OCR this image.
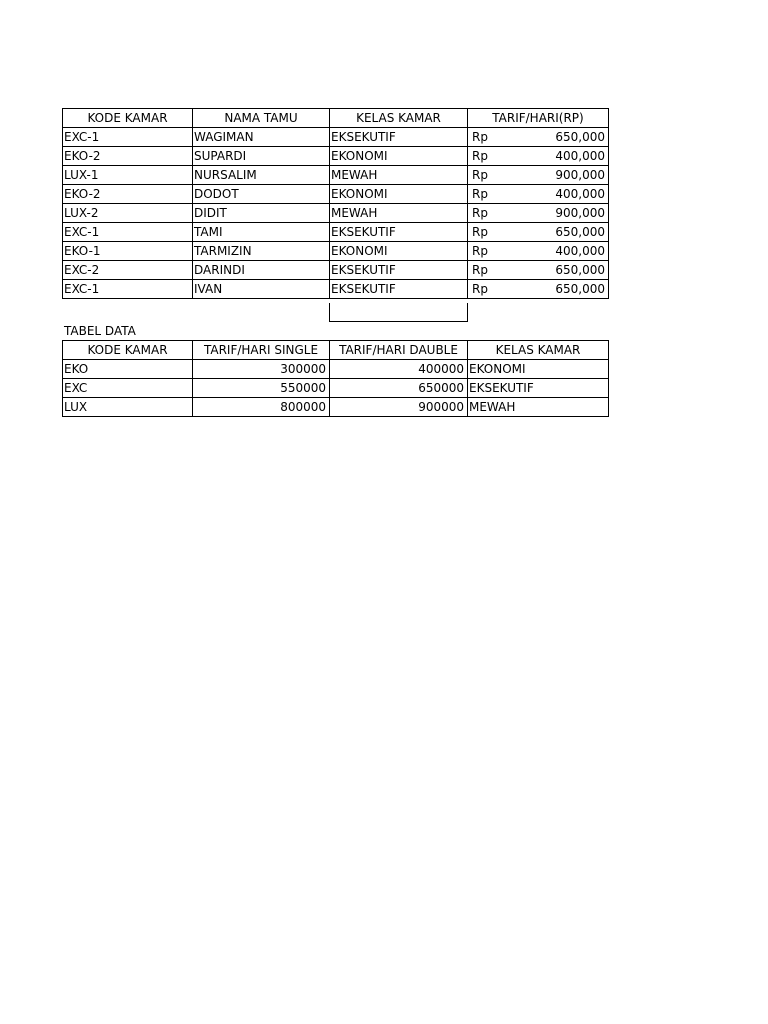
KODE KAMAR	NAMA TAMU	KELAS KAMAR	TARIF/HARI(RP)
EXC-1	WAGIMAN	EKSEKUTIF	Rp 650,000

EKO-2	SUPARDI	EKONOMI	Rp 400,000

LUX-1	NURSALIM	MEWAH	Rp 900,000

EKO-2	DODOT	EKONOMI	Rp 400,000

LUX-2	DIDIT	MEWAH	Rp 900,000

EXC-1	TAMI	EKSEKUTIF	Rp 650,000

EKO-1	TARMIZIN	EKONOMI	Rp 400,000

EXC-2	DARINDI	EKSEKUTIF	Rp 650,000

EXC-1	IVAN	EKSEKUTIF	Rp 650,000
TABEL DATA
KODE KAMAR	TARIF/HARI SINGLE	TARIF/HARI DAUBLE	KELAS KAMAR
EKO	300000	400000	EKONOMI
EXC	550000	650000	EKSEKUTIF
LUX	800000	900000	MEWAH
